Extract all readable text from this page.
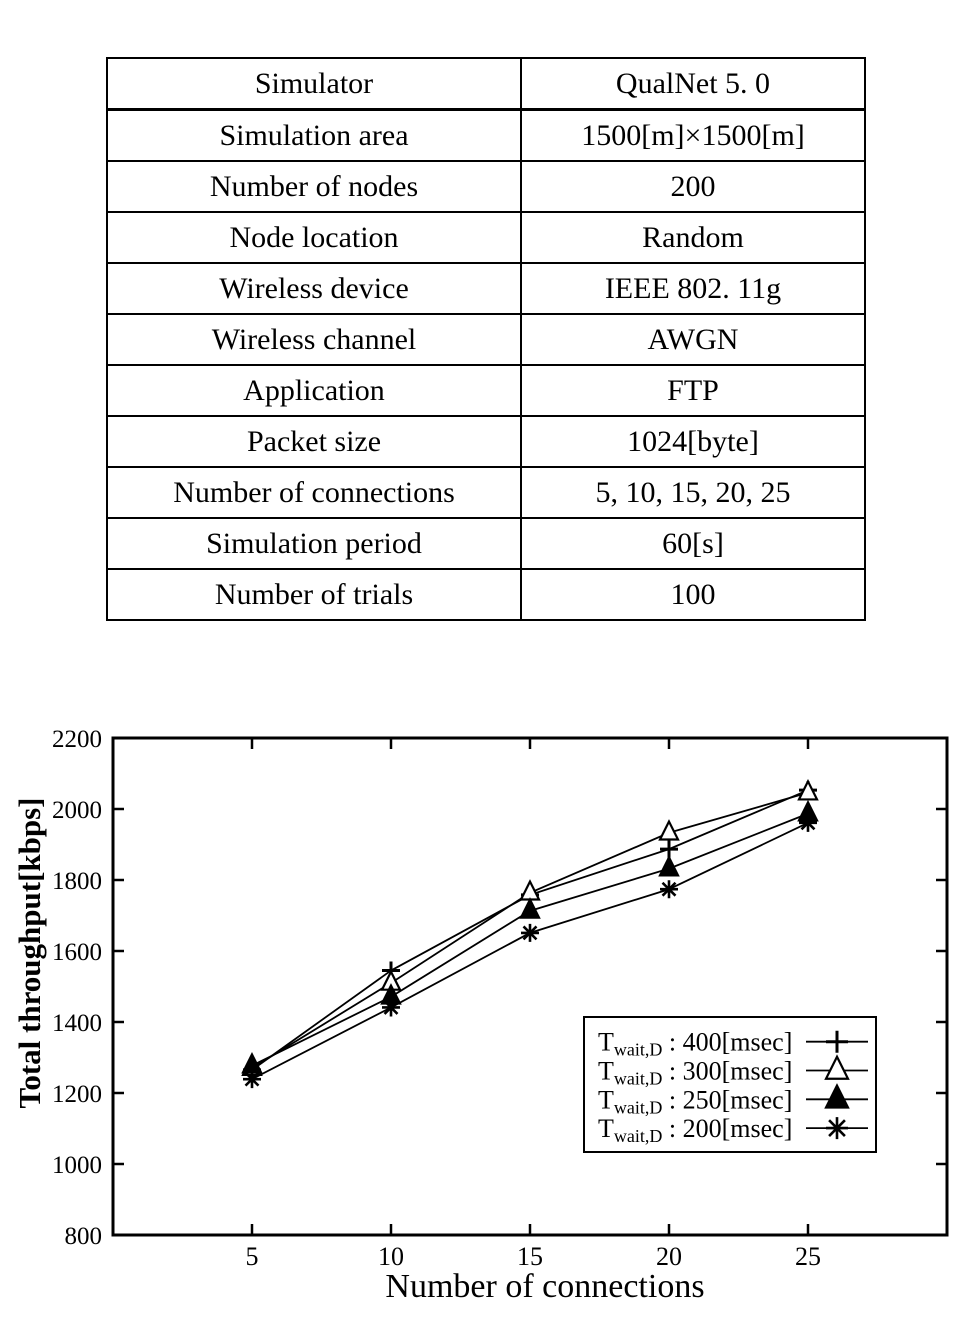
Simulator	QualNet 5. 0
Simulation area	1500[m]×1500[m]
Number of nodes	200
Node location	Random
Wireless device	IEEE 802. 11g
Wireless channel	AWGN
Application	FTP
Packet size	1024[byte]
Number of connections	5, 10, 15, 20, 25
Simulation period	60[s]
Number of trials	100
800
1000
1200
1400
1600
1800
2000
2200
5	10	15	20	25
Twait,D : 400[msec]
Twait,D : 300[msec]
Twait,D : 250[msec]
Twait,D : 200[msec]
Total throughput[kbps]
Number of connections
